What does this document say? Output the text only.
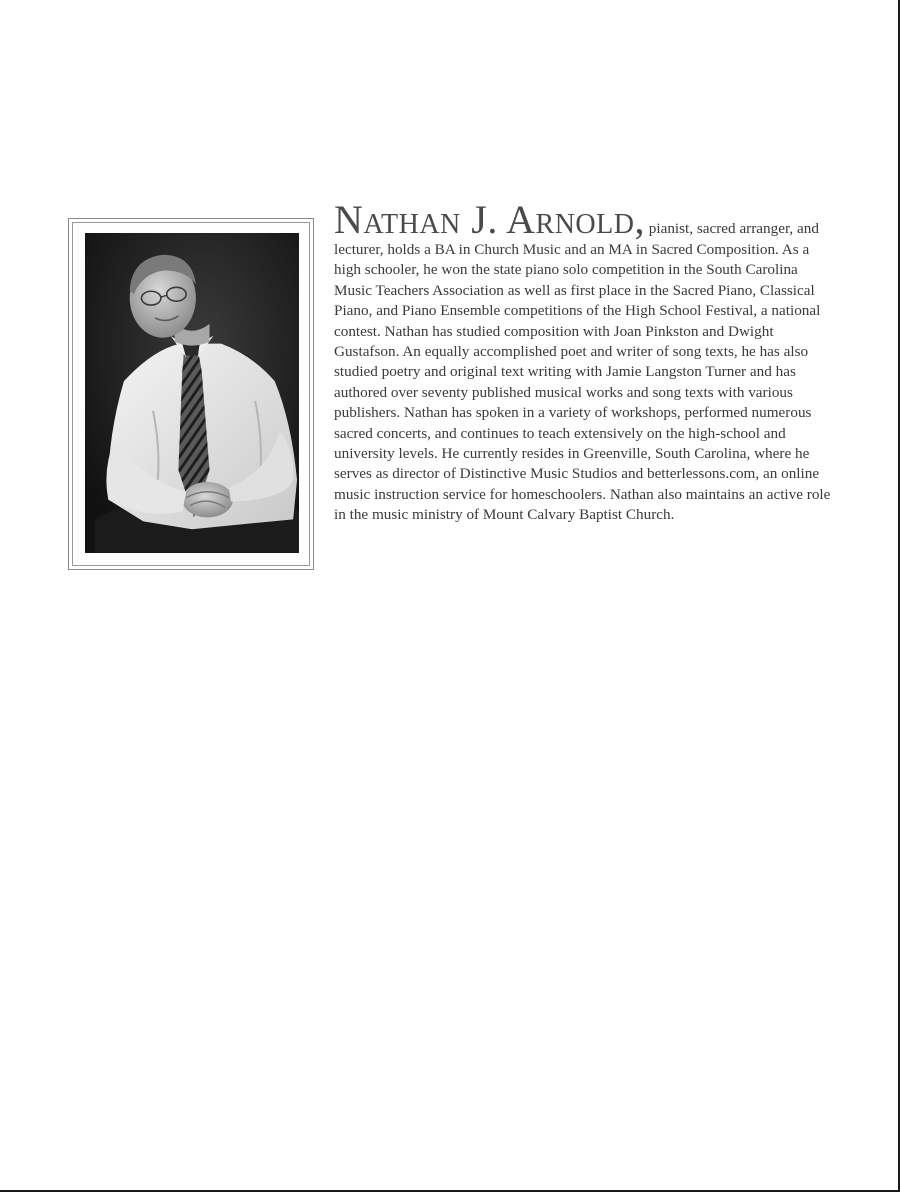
Nathan J. Arnold, pianist, sacred arranger, and lecturer, holds a BA in Church Music and an MA in Sacred Composition. As a high schooler, he won the state piano solo competition in the South Carolina Music Teachers Association as well as first place in the Sacred Piano, Classical Piano, and Piano Ensemble competitions of the High School Festival, a national contest. Nathan has studied composition with Joan Pinkston and Dwight Gustafson. An equally accomplished poet and writer of song texts, he has also studied poetry and original text writing with Jamie Langston Turner and has authored over seventy published musical works and song texts with various publishers. Nathan has spoken in a variety of workshops, performed numerous sacred concerts, and continues to teach extensively on the high-school and university levels. He currently resides in Greenville, South Carolina, where he serves as director of Distinctive Music Studios and betterlessons.com, an online music instruction service for homeschoolers. Nathan also maintains an active role in the music ministry of Mount Calvary Baptist Church.
